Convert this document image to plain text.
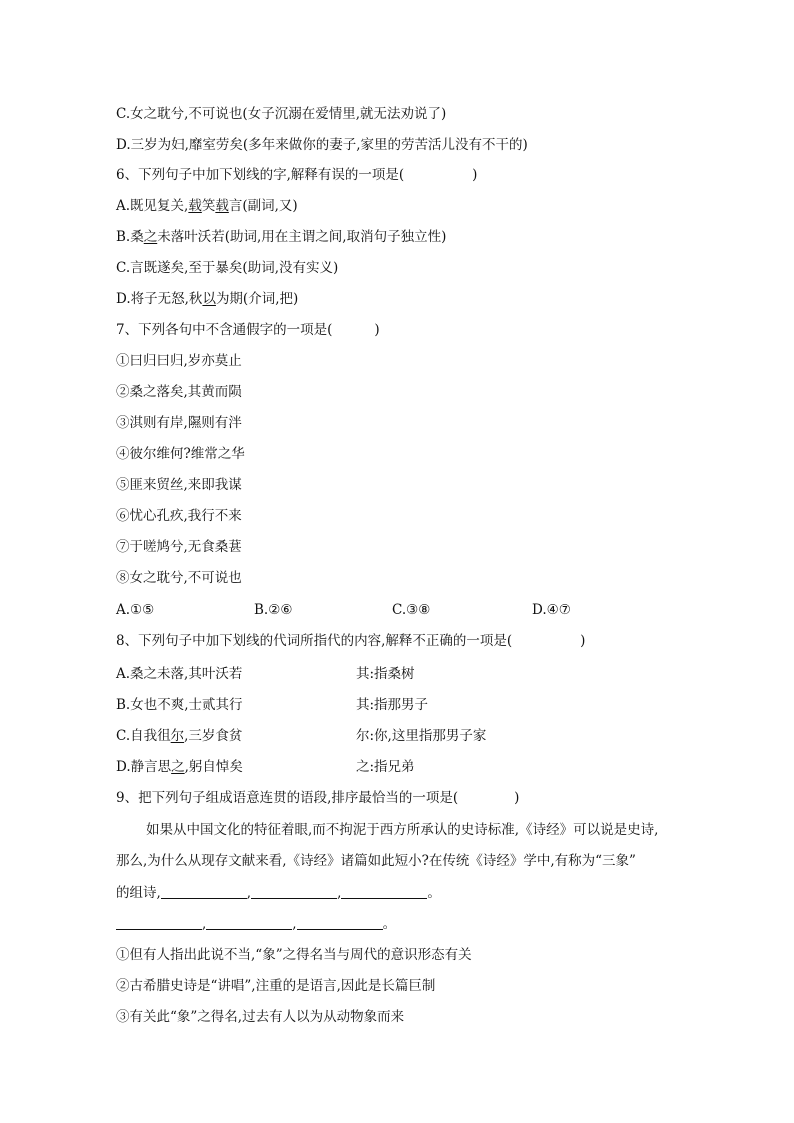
C.女之耽兮,不可说也(女子沉溺在爱情里,就无法劝说了)
D.三岁为妇,靡室劳矣(多年来做你的妻子,家里的劳苦活儿没有不干的)
6、下列句子中加下划线的字,解释有误的一项是(	)
A.既见复关,载笑载言(副词,又)
B.桑之未落叶沃若(助词,用在主谓之间,取消句子独立性)
C.言既遂矣,至于暴矣(助词,没有实义)
D.将子无怒,秋以为期(介词,把)
7、下列各句中不含通假字的一项是(	)
①曰归曰归,岁亦莫止
②桑之落矣,其黄而陨
③淇则有岸,隰则有泮
④彼尔维何?维常之华
⑤匪来贸丝,来即我谋
⑥忧心孔疚,我行不来
⑦于嗟鸠兮,无食桑葚
⑧女之耽兮,不可说也
A.①⑤	B.②⑥	C.③⑧	D.④⑦
8、下列句子中加下划线的代词所指代的内容,解释不正确的一项是(	)
A.桑之未落,其叶沃若	其:指桑树
B.女也不爽,士贰其行	其:指那男子
C.自我徂尔,三岁食贫	尔:你,这里指那男子家
D.静言思之,躬自悼矣	之:指兄弟
9、把下列句子组成语意连贯的语段,排序最恰当的一项是(	)
如果从中国文化的特征着眼,而不拘泥于西方所承认的史诗标准,《诗经》可以说是史诗,
那么,为什么从现存文献来看,《诗经》诸篇如此短小?在传统《诗经》学中,有称为“三象”
的组诗,	,	,	。
,	,	。
①但有人指出此说不当,“象”之得名当与周代的意识形态有关
②古希腊史诗是“讲唱”,注重的是语言,因此是长篇巨制
③有关此“象”之得名,过去有人以为从动物象而来
